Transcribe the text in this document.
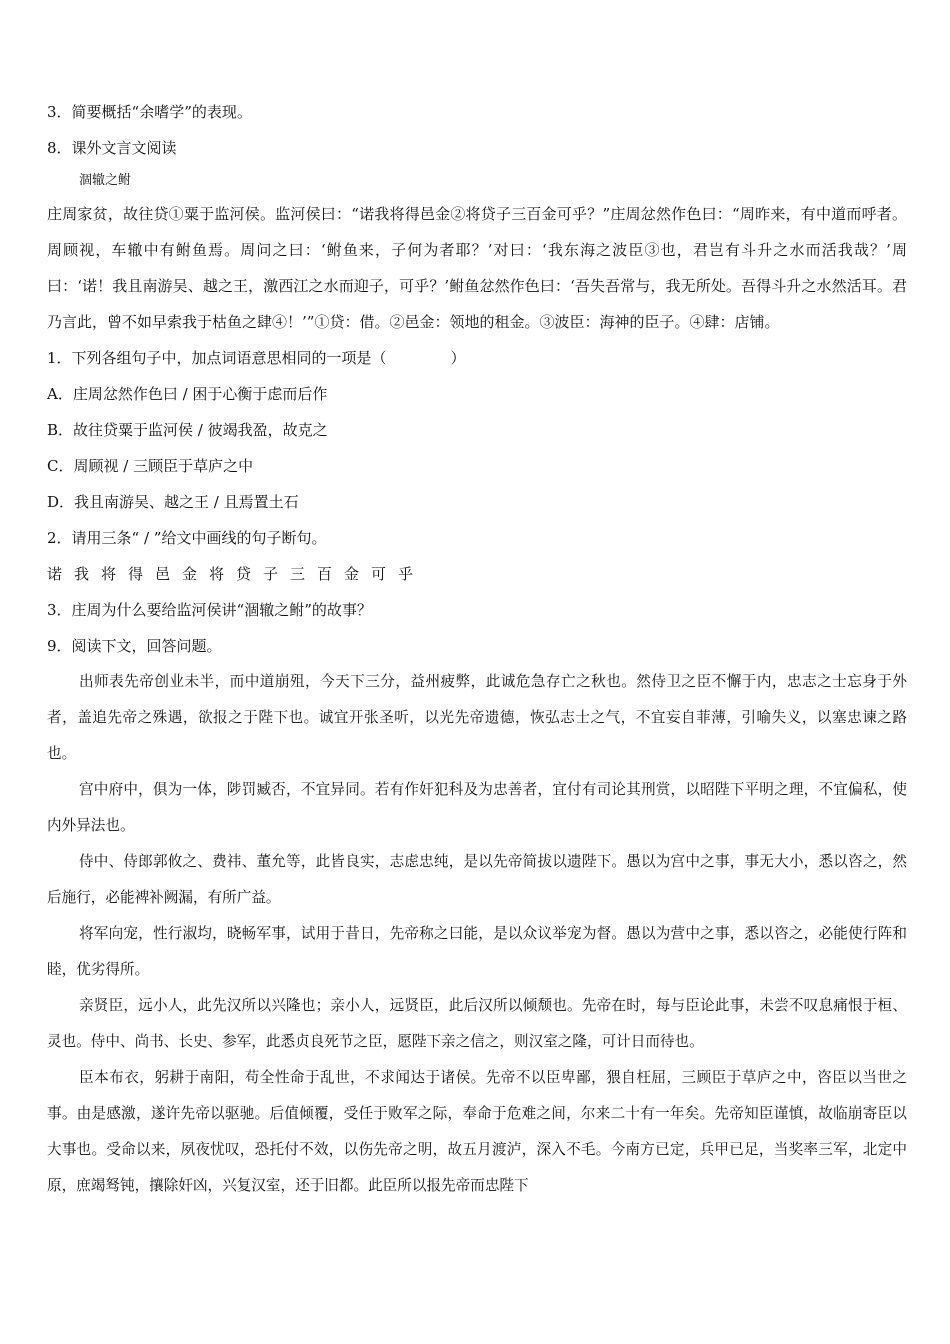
3．简要概括“余嗜学”的表现。

8．课外文言文阅读

涸辙之鲋

庄周家贫，故往贷①粟于监河侯。监河侯曰：“诺我将得邑金②将贷子三百金可乎？”庄周忿然作色曰：“周昨来，有中道而呼者。周顾视，车辙中有鲋鱼焉。周问之曰：‘鲋鱼来，子何为者耶？’对曰：‘我东海之波臣③也，君岂有斗升之水而活我哉？’周曰：‘诺！我且南游吴、越之王，激西江之水而迎子，可乎？’鲋鱼忿然作色曰：‘吾失吾常与，我无所处。吾得斗升之水然活耳。君乃言此，曾不如早索我于枯鱼之肆④！’”①贷：借。②邑金：领地的租金。③波臣：海神的臣子。④肆：店铺。

1．下列各组句子中，加点词语意思相同的一项是（	）

A．庄周忿然作色曰 / 困于心衡于虑而后作

B．故往贷粟于监河侯 / 彼竭我盈，故克之

C．周顾视 / 三顾臣于草庐之中

D．我且南游吴、越之王 / 且焉置土石

2．请用三条“ / ”给文中画线的句子断句。

诺我将得邑金将贷子三百金可乎

3．庄周为什么要给监河侯讲“涸辙之鲋”的故事？

9．阅读下文，回答问题。

出师表先帝创业未半，而中道崩殂，今天下三分，益州疲弊，此诚危急存亡之秋也。然侍卫之臣不懈于内，忠志之士忘身于外者，盖追先帝之殊遇，欲报之于陛下也。诚宜开张圣听，以光先帝遗德，恢弘志士之气，不宜妄自菲薄，引喻失义，以塞忠谏之路也。

宫中府中，俱为一体，陟罚臧否，不宜异同。若有作奸犯科及为忠善者，宜付有司论其刑赏，以昭陛下平明之理，不宜偏私，使内外异法也。

侍中、侍郎郭攸之、费祎、董允等，此皆良实，志虑忠纯，是以先帝简拔以遗陛下。愚以为宫中之事，事无大小，悉以咨之，然后施行，必能裨补阙漏，有所广益。

将军向宠，性行淑均，晓畅军事，试用于昔日，先帝称之曰能，是以众议举宠为督。愚以为营中之事，悉以咨之，必能使行阵和睦，优劣得所。

亲贤臣，远小人，此先汉所以兴隆也；亲小人，远贤臣，此后汉所以倾颓也。先帝在时，每与臣论此事，未尝不叹息痛恨于桓、灵也。侍中、尚书、长史、参军，此悉贞良死节之臣，愿陛下亲之信之，则汉室之隆，可计日而待也。

臣本布衣，躬耕于南阳，苟全性命于乱世，不求闻达于诸侯。先帝不以臣卑鄙，猥自枉屈，三顾臣于草庐之中，咨臣以当世之事。由是感激，遂许先帝以驱驰。后值倾覆，受任于败军之际，奉命于危难之间，尔来二十有一年矣。先帝知臣谨慎，故临崩寄臣以大事也。受命以来，夙夜忧叹，恐托付不效，以伤先帝之明，故五月渡泸，深入不毛。今南方已定，兵甲已足，当奖率三军，北定中原，庶竭驽钝，攘除奸凶，兴复汉室，还于旧都。此臣所以报先帝而忠陛下
